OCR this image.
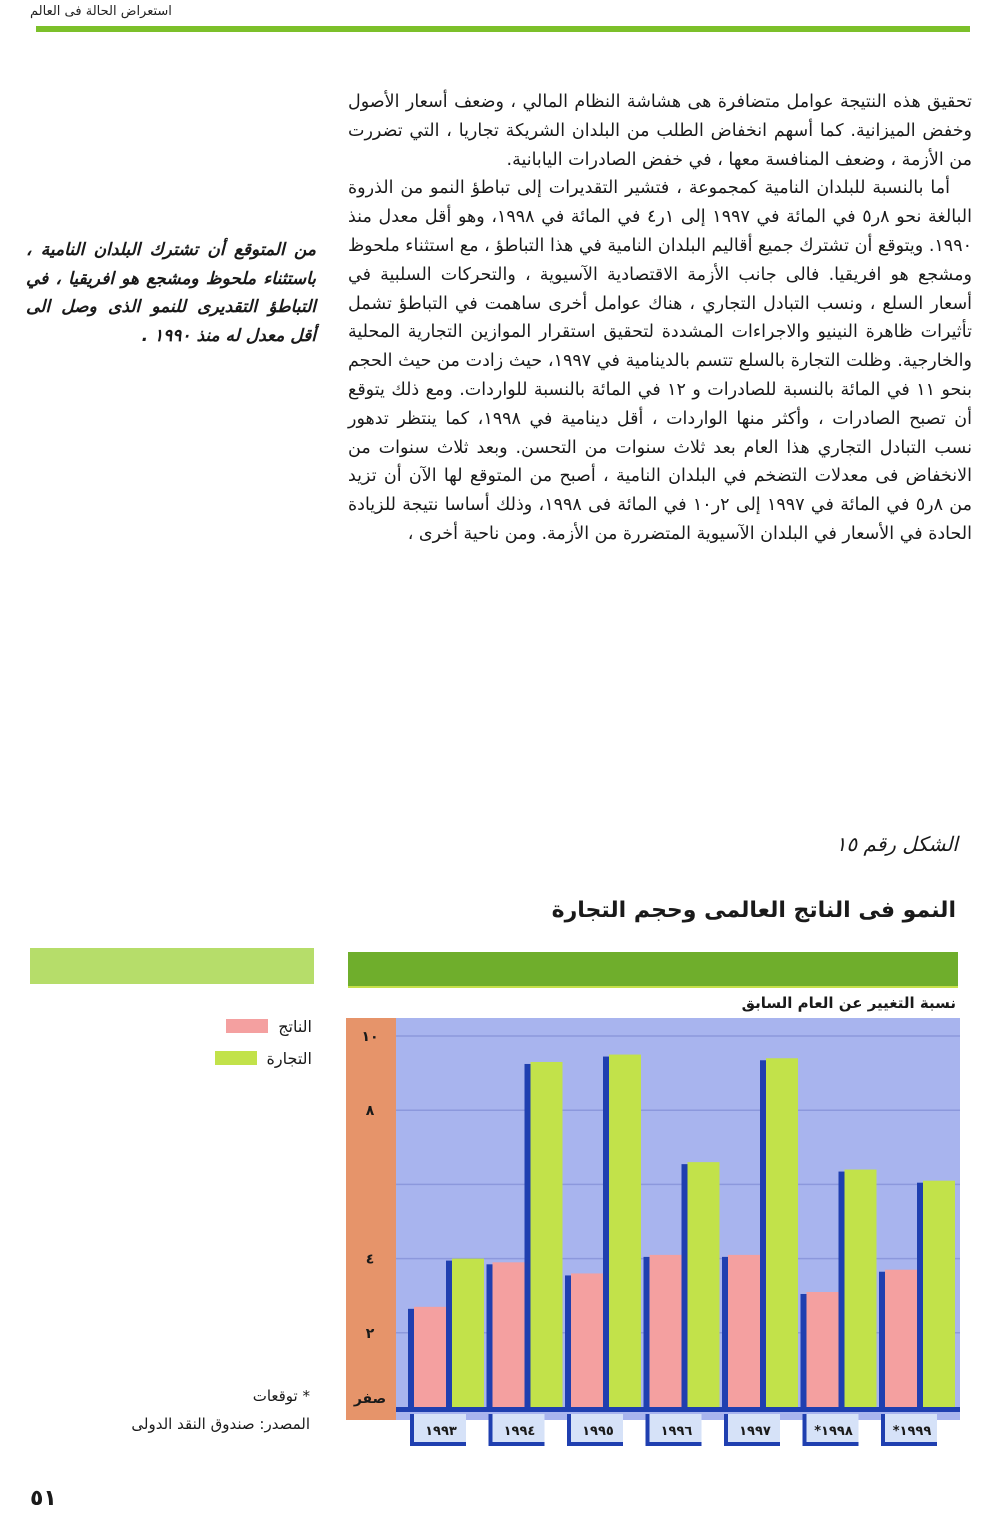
استعراض الحالة فى العالم

تحقيق هذه النتيجة عوامل متضافرة هى هشاشة النظام المالي ، وضعف أسعار الأصول وخفض الميزانية. كما أسهم انخفاض الطلب من البلدان الشريكة تجاريا ، التي تضررت من الأزمة ، وضعف المنافسة معها ، في خفض الصادرات اليابانية.

أما بالنسبة للبلدان النامية كمجموعة ، فتشير التقديرات إلى تباطؤ النمو من الذروة البالغة نحو ٨ر٥ في المائة في ١٩٩٧ إلى ١ر٤ في المائة في ١٩٩٨، وهو أقل معدل منذ ١٩٩٠. ويتوقع أن تشترك جميع أقاليم البلدان النامية في هذا التباطؤ ، مع استثناء ملحوظ ومشجع هو افريقيا. فالى جانب الأزمة الاقتصادية الآسيوية ، والتحركات السلبية في أسعار السلع ، ونسب التبادل التجاري ، هناك عوامل أخرى ساهمت في التباطؤ تشمل تأثيرات ظاهرة النينيو والاجراءات المشددة لتحقيق استقرار الموازين التجارية المحلية والخارجية. وظلت التجارة بالسلع تتسم بالدينامية في ١٩٩٧، حيث زادت من حيث الحجم بنحو ١١ في المائة بالنسبة للصادرات و ١٢ في المائة بالنسبة للواردات. ومع ذلك يتوقع أن تصبح الصادرات ، وأكثر منها الواردات ، أقل دينامية في ١٩٩٨، كما ينتظر تدهور نسب التبادل التجاري هذا العام بعد ثلاث سنوات من التحسن. وبعد ثلاث سنوات من الانخفاض فى معدلات التضخم في البلدان النامية ، أصبح من المتوقع لها الآن أن تزيد من ٨ر٥ في المائة في ١٩٩٧ إلى ٢ر١٠ في المائة فى ١٩٩٨، وذلك أساسا نتيجة للزيادة الحادة في الأسعار في البلدان الآسيوية المتضررة من الأزمة. ومن ناحية أخرى ،

من المتوقع أن تشترك البلدان النامية ، باستثناء ملحوظ ومشجع هو افريقيا ، في التباطؤ التقديرى للنمو الذى وصل الى أقل معدل له منذ ١٩٩٠ .
الشكل رقم ١٥
النمو فى الناتج العالمى وحجم التجارة
نسبة التغيير عن العام السابق
الناتج
التجارة
صفر
٢
٤
٨
١٠
١٩٩٣	١٩٩٤	١٩٩٥	١٩٩٦	١٩٩٧	*١٩٩٨	*١٩٩٩
* توقعات
المصدر: صندوق النقد الدولى
٥١
